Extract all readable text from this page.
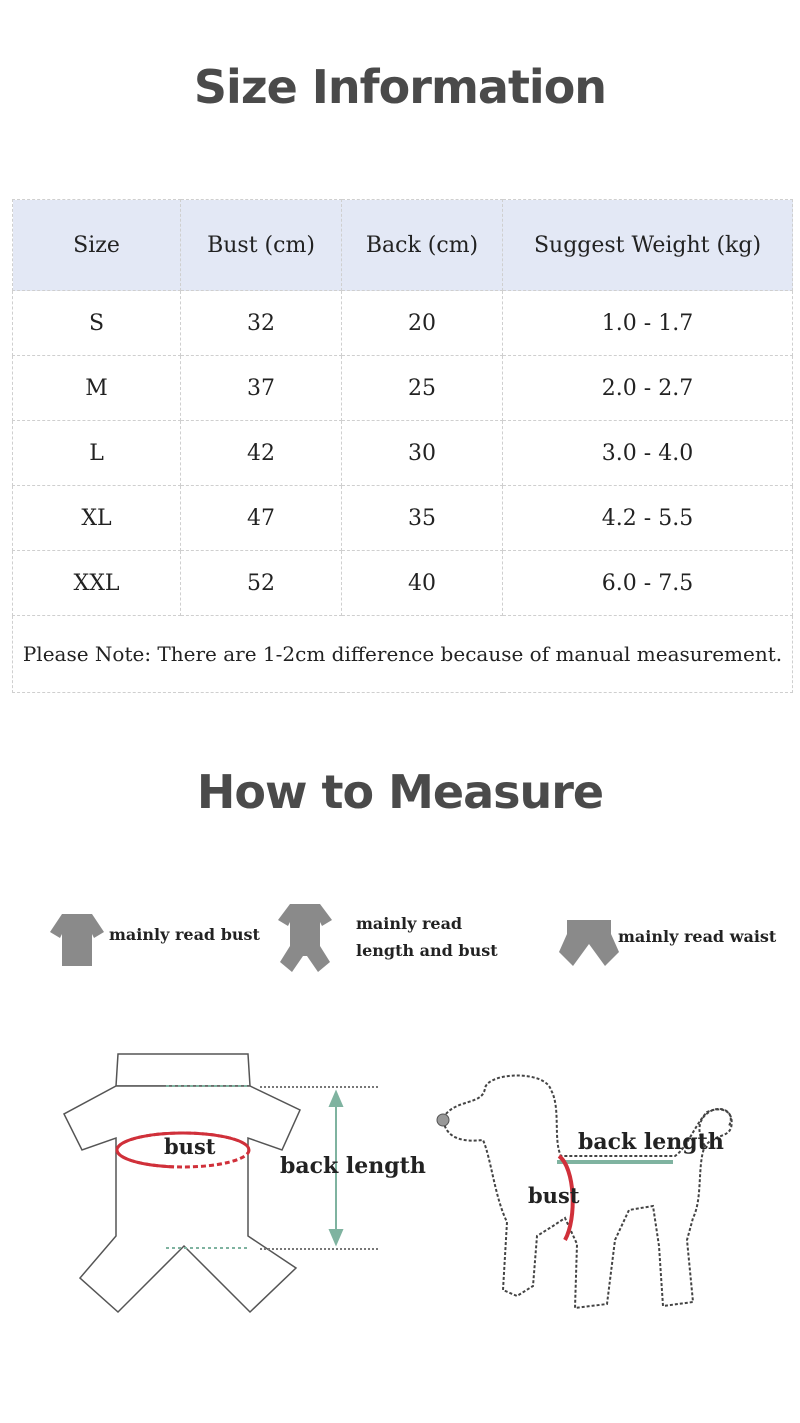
Size Information
Size	Bust (cm)	Back (cm)	Suggest Weight (kg)
S	32	20	1.0 - 1.7
M	37	25	2.0 - 2.7
L	42	30	3.0 - 4.0
XL	47	35	4.2 - 5.5
XXL	52	40	6.0 - 7.5
Please Note: There are 1-2cm difference because of manual measurement.			
How to Measure
mainly read bust
mainly read
length and bust
mainly read waist
bust
back length
back length
bust
